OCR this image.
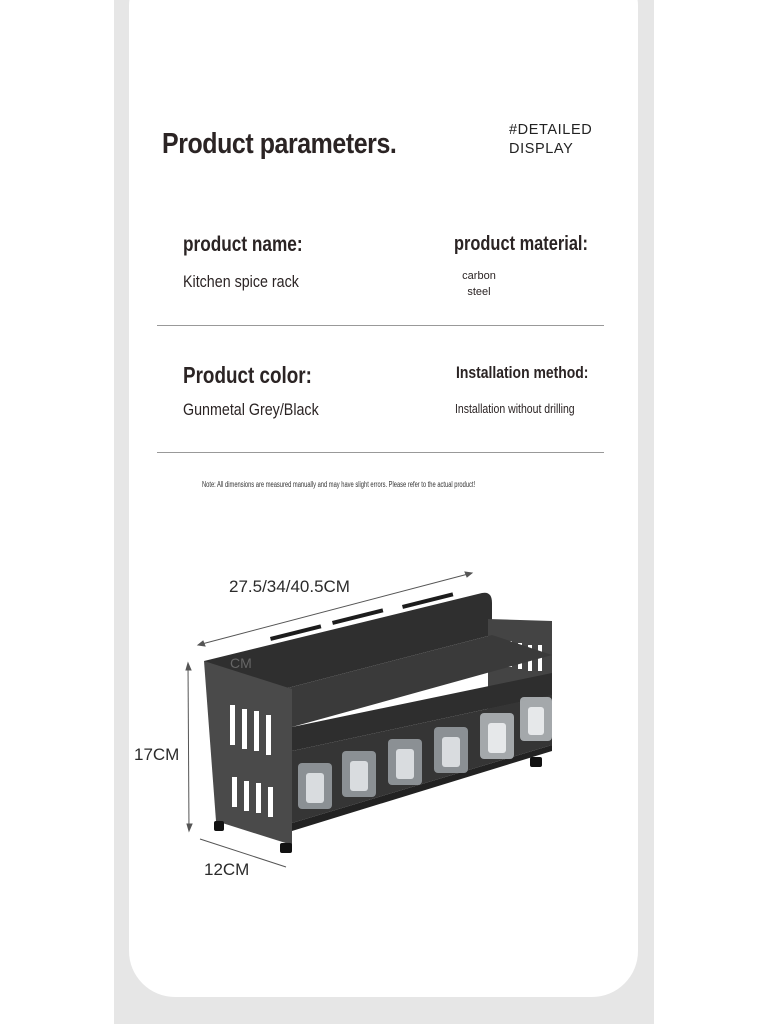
Product parameters.	#DETAILED
DISPLAY
product name:
Kitchen spice rack
product material:
carbon
steel
Product color:
Gunmetal Grey/Black
Installation method:
Installation without drilling
Note: All dimensions are measured manually and may have slight errors. Please refer to the actual product!
27.5/34/40.5CM
17CM
12CM
CM
